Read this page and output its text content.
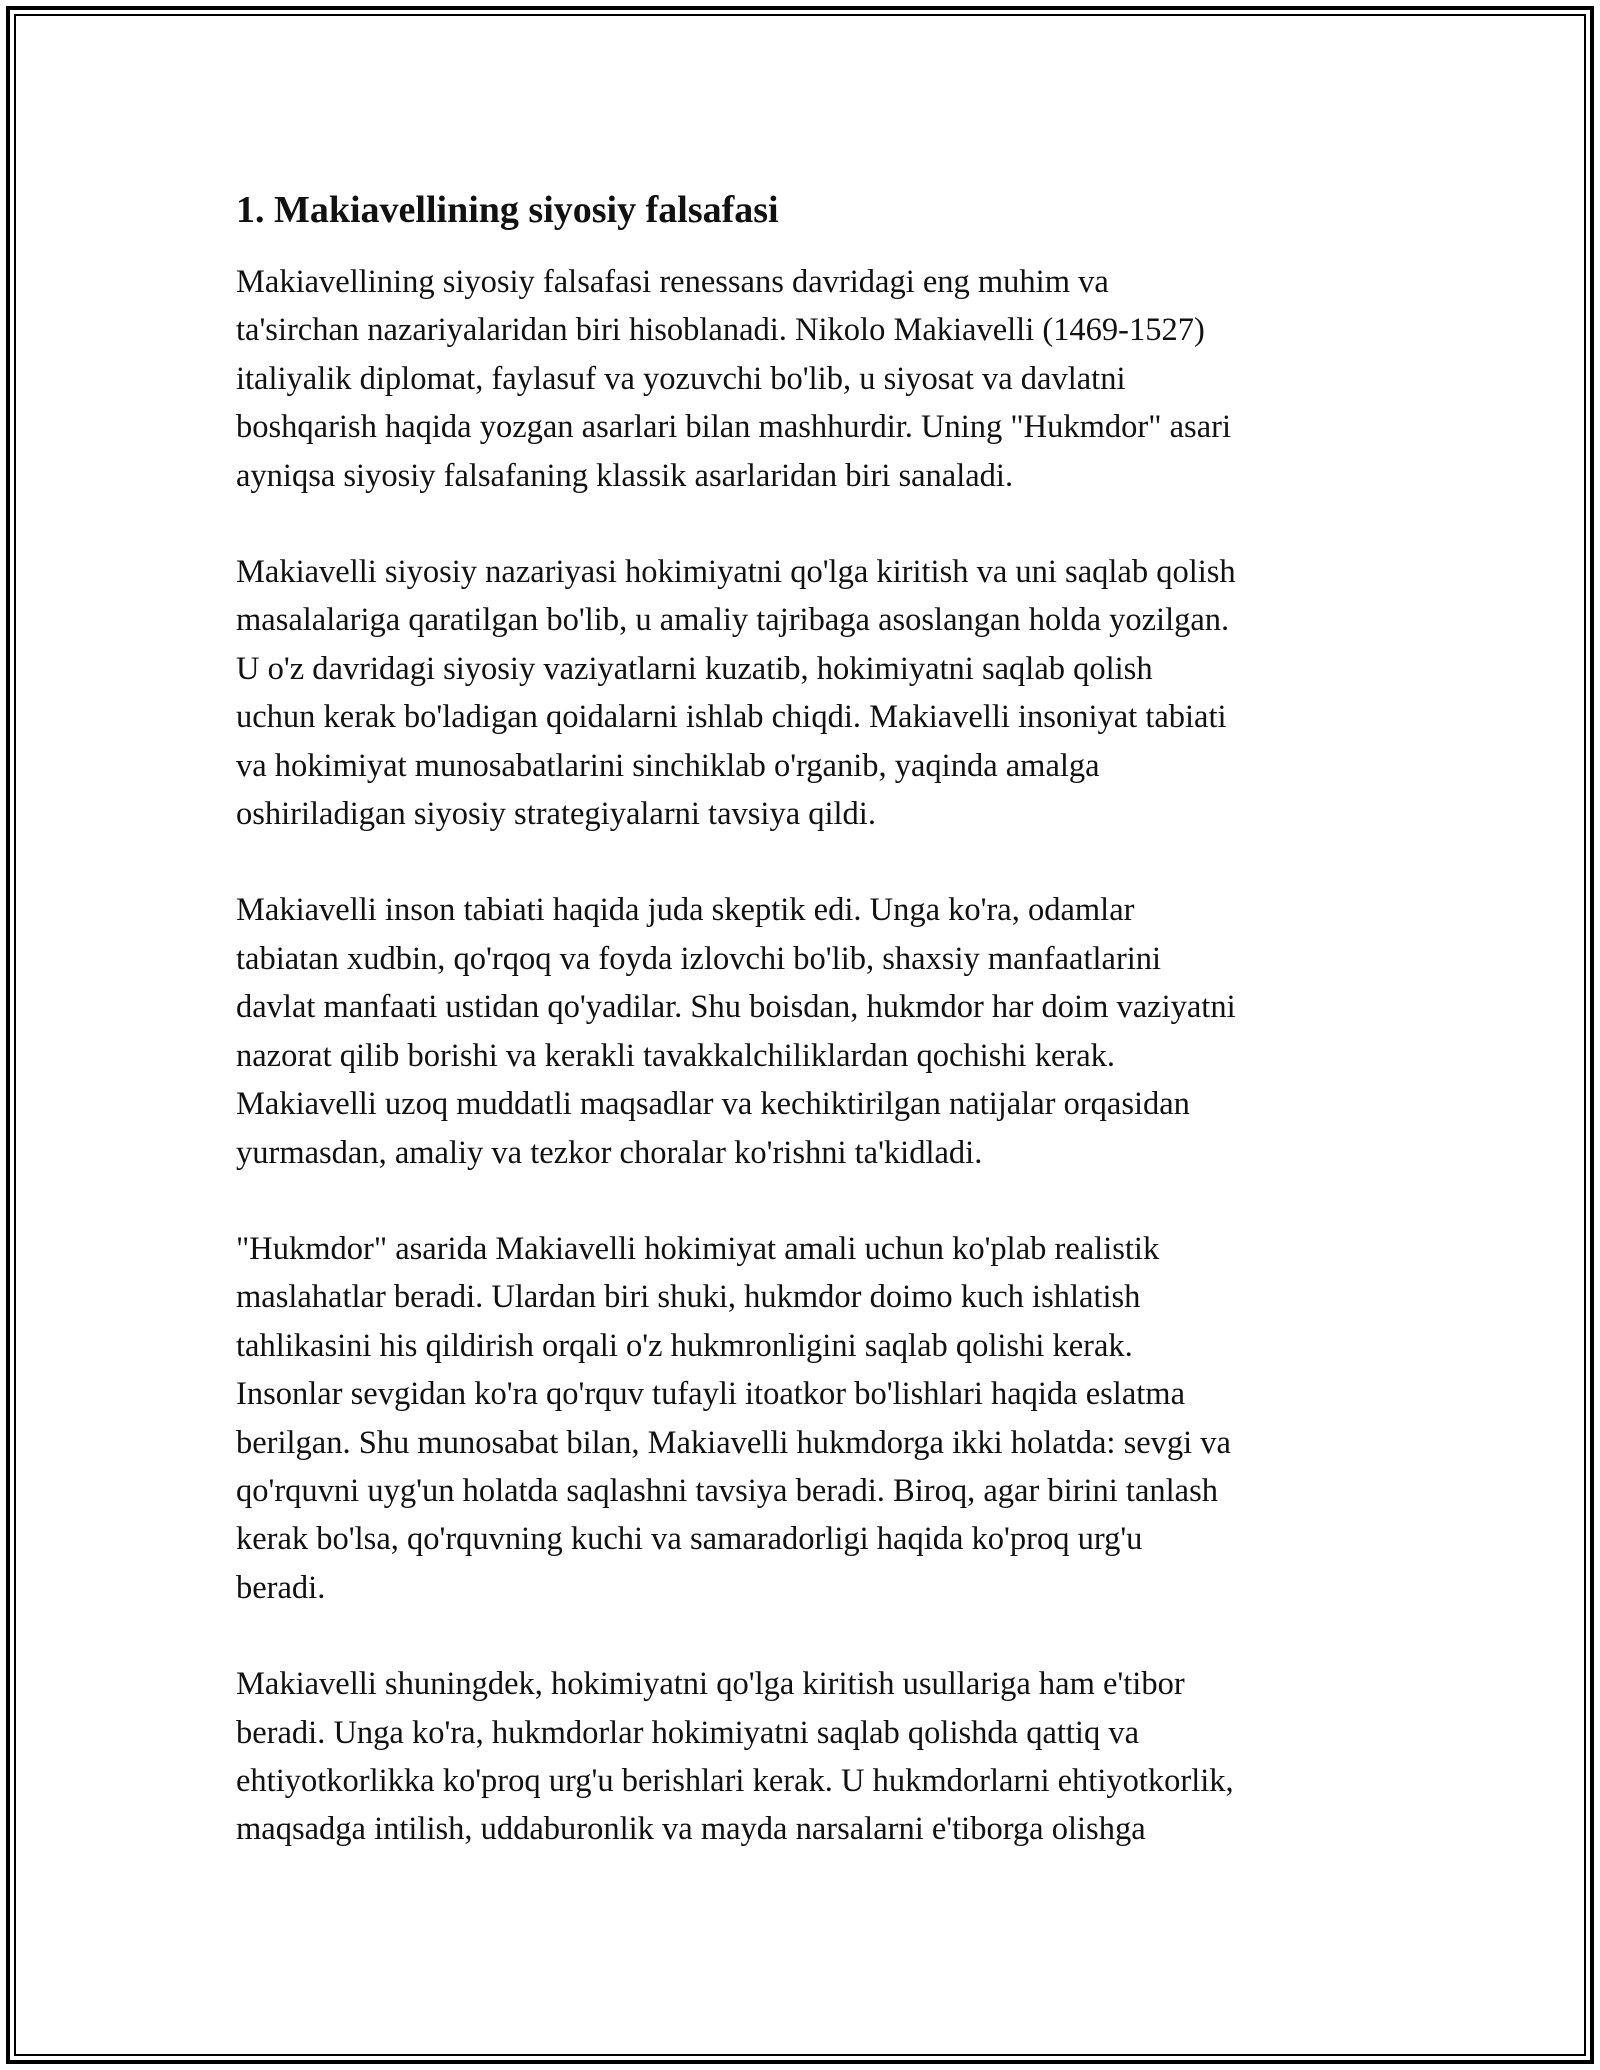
1. Makiavellining siyosiy falsafasi

Makiavellining siyosiy falsafasi renessans davridagi eng muhim va
ta'sirchan nazariyalaridan biri hisoblanadi. Nikolo Makiavelli (1469-1527)
italiyalik diplomat, faylasuf va yozuvchi bo'lib, u siyosat va davlatni
boshqarish haqida yozgan asarlari bilan mashhurdir. Uning "Hukmdor" asari
ayniqsa siyosiy falsafaning klassik asarlaridan biri sanaladi.

Makiavelli siyosiy nazariyasi hokimiyatni qo'lga kiritish va uni saqlab qolish
masalalariga qaratilgan bo'lib, u amaliy tajribaga asoslangan holda yozilgan.
U o'z davridagi siyosiy vaziyatlarni kuzatib, hokimiyatni saqlab qolish
uchun kerak bo'ladigan qoidalarni ishlab chiqdi. Makiavelli insoniyat tabiati
va hokimiyat munosabatlarini sinchiklab o'rganib, yaqinda amalga
oshiriladigan siyosiy strategiyalarni tavsiya qildi.

Makiavelli inson tabiati haqida juda skeptik edi. Unga ko'ra, odamlar
tabiatan xudbin, qo'rqoq va foyda izlovchi bo'lib, shaxsiy manfaatlarini
davlat manfaati ustidan qo'yadilar. Shu boisdan, hukmdor har doim vaziyatni
nazorat qilib borishi va kerakli tavakkalchiliklardan qochishi kerak.
Makiavelli uzoq muddatli maqsadlar va kechiktirilgan natijalar orqasidan
yurmasdan, amaliy va tezkor choralar ko'rishni ta'kidladi.

"Hukmdor" asarida Makiavelli hokimiyat amali uchun ko'plab realistik
maslahatlar beradi. Ulardan biri shuki, hukmdor doimo kuch ishlatish
tahlikasini his qildirish orqali o'z hukmronligini saqlab qolishi kerak.
Insonlar sevgidan ko'ra qo'rquv tufayli itoatkor bo'lishlari haqida eslatma
berilgan. Shu munosabat bilan, Makiavelli hukmdorga ikki holatda: sevgi va
qo'rquvni uyg'un holatda saqlashni tavsiya beradi. Biroq, agar birini tanlash
kerak bo'lsa, qo'rquvning kuchi va samaradorligi haqida ko'proq urg'u
beradi.

Makiavelli shuningdek, hokimiyatni qo'lga kiritish usullariga ham e'tibor
beradi. Unga ko'ra, hukmdorlar hokimiyatni saqlab qolishda qattiq va
ehtiyotkorlikka ko'proq urg'u berishlari kerak. U hukmdorlarni ehtiyotkorlik,
maqsadga intilish, uddaburonlik va mayda narsalarni e'tiborga olishga
